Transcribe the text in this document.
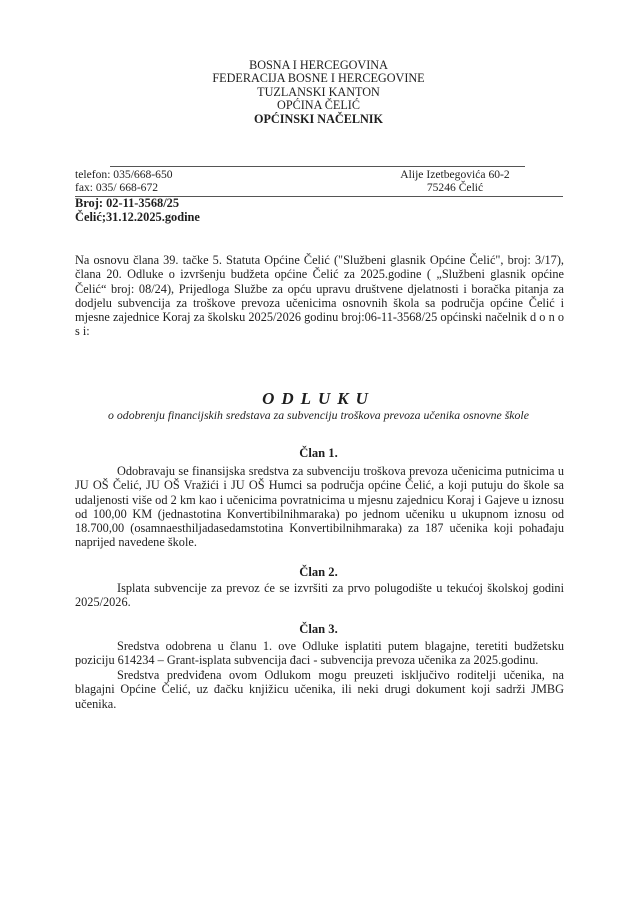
BOSNA I HERCEGOVINA
FEDERACIJA BOSNE I HERCEGOVINE
TUZLANSKI KANTON
OPĆINA ČELIĆ
OPĆINSKI NAČELNIK
telefon: 035/668-650
fax: 035/ 668-672
Alije Izetbegovića 60-2
75246 Čelić
Broj: 02-11-3568/25
Čelić;31.12.2025.godine
Na osnovu člana 39. tačke 5. Statuta Općine Čelić ("Službeni glasnik Općine Čelić", broj: 3/17), člana 20. Odluke o izvršenju budžeta općine Čelić za 2025.godine ( „Službeni glasnik općine Čelić“ broj: 08/24), Prijedloga Službe za opću upravu društvene djelatnosti i boračka pitanja za dodjelu subvencija za troškove prevoza učenicima osnovnih škola sa područja općine Čelić i mjesne zajednice Koraj za školsku 2025/2026 godinu broj:06-11-3568/25 općinski načelnik d o n o s i:
ODLUKU
o odobrenju financijskih sredstava za subvenciju troškova prevoza učenika osnovne škole
Član 1.
Odobravaju se finansijska sredstva za subvenciju troškova prevoza učenicima putnicima u JU OŠ Čelić, JU OŠ Vražići i JU OŠ Humci sa područja općine Čelić, a koji putuju do škole sa udaljenosti više od 2 km kao i učenicima povratnicima u mjesnu zajednicu Koraj i Gajeve u iznosu od 100,00 KM (jednastotina Konvertibilnihmaraka) po jednom učeniku u ukupnom iznosu od 18.700,00 (osamnaesthiljadasedamstotina Konvertibilnihmaraka) za 187 učenika koji pohađaju naprijed navedene škole.
Član 2.
Isplata subvencije za prevoz će se izvršiti za prvo polugodište u tekućoj školskoj godini 2025/2026.
Član 3.
Sredstva odobrena u članu 1. ove Odluke isplatiti putem blagajne, teretiti budžetsku poziciju 614234 – Grant-isplata subvencija đaci - subvencija prevoza učenika za 2025.godinu.
Sredstva predviđena ovom Odlukom mogu preuzeti isključivo roditelji učenika, na blagajni Općine Čelić, uz đačku knjižicu učenika, ili neki drugi dokument koji sadrži JMBG učenika.
